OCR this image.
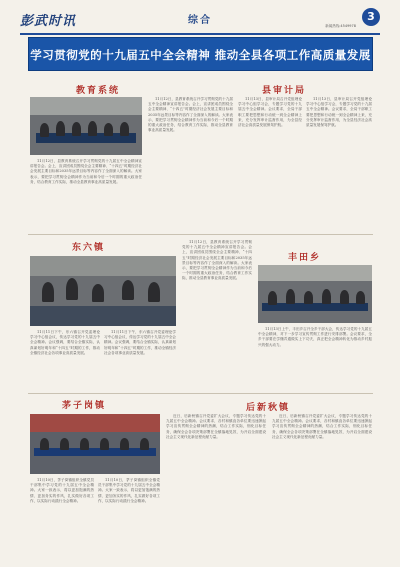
彭武时讯	综合	3
新闻热线:4549978
学习贯彻党的十九届五中全会精神 推动全县各项工作高质量发展
教育系统	县审计局

11月12日，县教育系统召开学习贯彻党的十九届五中全会精神宣讲报告会。会上，宣讲团成员围绕全会主要精神、“十四五”时期经济社会发展主要目标和2035年远景目标等内容作了全面深入的解读。大家表示，要把学习贯彻全会精神作为当前和今后一个时期的重大政治任务，结合教育工作实际，推动全县教育事业高质量发展。

11月12日，县教育系统召开学习贯彻党的十九届五中全会精神宣讲报告会。会上，宣讲团成员围绕全会主要精神、“十四五”时期经济社会发展主要目标和2035年远景目标等内容作了全面深入的解读。大家表示，要把学习贯彻全会精神作为当前和今后一个时期的重大政治任务，结合教育工作实际，推动全县教育事业高质量发展。

11月13日，县审计局召开党组理论学习中心组学习会，专题学习党的十九届五中全会精神。会议要求，全局干部职工要把思想和行动统一到全会精神上来，充分发挥审计监督作用，为全县经济社会高质量发展保驾护航。

11月13日，县审计局召开党组理论学习中心组学习会，专题学习党的十九届五中全会精神。会议要求，全局干部职工要把思想和行动统一到全会精神上来，充分发挥审计监督作用，为全县经济社会高质量发展保驾护航。

东六镇

11月11日下午，东六镇召开党委理论学习中心组会议，传达学习党的十九届五中全会精神。会议强调，要结合全镇实际，认真谋划好明年和“十四五”时期的工作，推动全镇经济社会各项事业高质量发展。

11月11日下午，东六镇召开党委理论学习中心组会议，传达学习党的十九届五中全会精神。会议强调，要结合全镇实际，认真谋划好明年和“十四五”时期的工作，推动全镇经济社会各项事业高质量发展。

11月12日，县教育系统召开学习贯彻党的十九届五中全会精神宣讲报告会。会上，宣讲团成员围绕全会主要精神、“十四五”时期经济社会发展主要目标和2035年远景目标等内容作了全面深入的解读。大家表示，要把学习贯彻全会精神作为当前和今后一个时期的重大政治任务，结合教育工作实际，推动全县教育事业高质量发展。

丰田乡

11月13日上午，丰田乡召开全乡干部大会，传达学习党的十九届五中全会精神，对下一步学习宣传贯彻工作进行安排部署。会议要求，全乡干部要在学懂弄通做实上下功夫，真正把全会精神转化为推动乡村振兴的强大动力。

茅子岗镇	后新秋镇

11月10日，茅子岗镇组织全镇党员干部集中学习党的十九届五中全会精神。大家一致表示，将以更加饱满的热情、更加务实的作风，扎实做好各项工作，以实际行动践行全会精神。

11月10日，茅子岗镇组织全镇党员干部集中学习党的十九届五中全会精神。大家一致表示，将以更加饱满的热情、更加务实的作风，扎实做好各项工作，以实际行动践行全会精神。

近日，后新秋镇召开党委扩大会议，专题学习传达党的十九届五中全会精神。会议要求，各村和镇直各单位要迅速掀起学习宣传贯彻全会精神的热潮，结合工作实际，细化目标任务，确保全会各项决策部署在全镇落地见效，为开启全面建设社会主义现代化新征程贡献力量。

近日，后新秋镇召开党委扩大会议，专题学习传达党的十九届五中全会精神。会议要求，各村和镇直各单位要迅速掀起学习宣传贯彻全会精神的热潮，结合工作实际，细化目标任务，确保全会各项决策部署在全镇落地见效，为开启全面建设社会主义现代化新征程贡献力量。
